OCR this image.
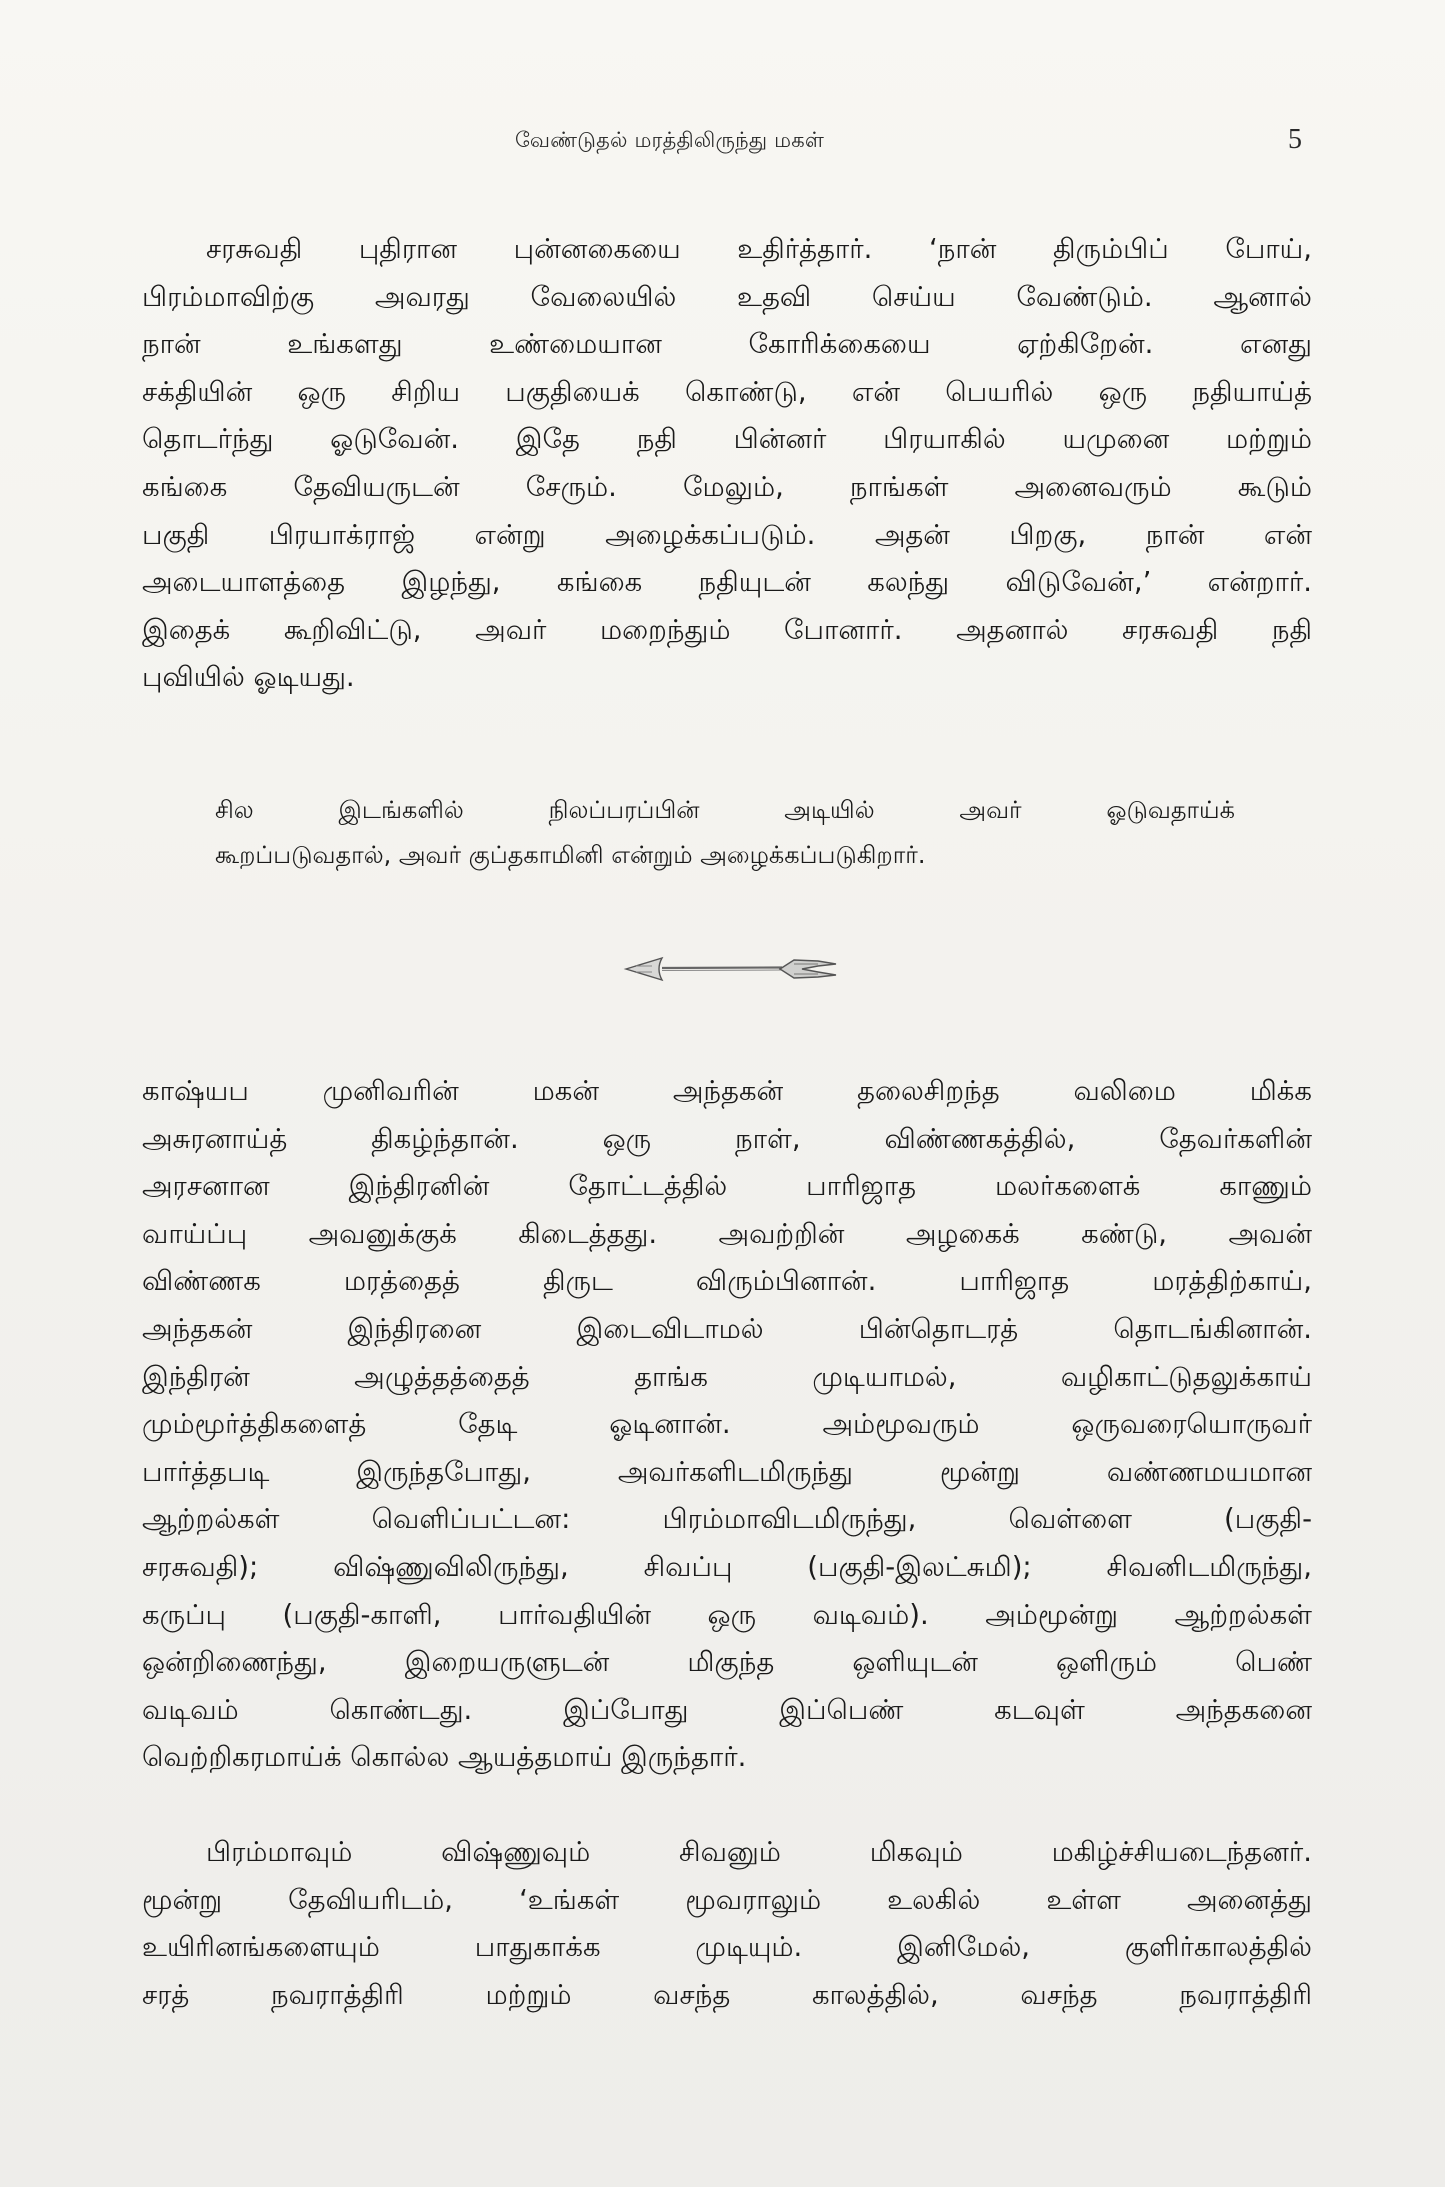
வேண்டுதல் மரத்திலிருந்து மகள்	5
சரசுவதி புதிரான புன்னகையை உதிர்த்தார். ‘நான் திரும்பிப் போய்,
பிரம்மாவிற்கு அவரது வேலையில் உதவி செய்ய வேண்டும். ஆனால்
நான் உங்களது உண்மையான கோரிக்கையை ஏற்கிறேன். எனது
சக்தியின் ஒரு சிறிய பகுதியைக் கொண்டு, என் பெயரில் ஒரு நதியாய்த்
தொடர்ந்து ஓடுவேன். இதே நதி பின்னர் பிரயாகில் யமுனை மற்றும்
கங்கை தேவியருடன் சேரும். மேலும், நாங்கள் அனைவரும் கூடும்
பகுதி பிரயாக்ராஜ் என்று அழைக்கப்படும். அதன் பிறகு, நான் என்
அடையாளத்தை இழந்து, கங்கை நதியுடன் கலந்து விடுவேன்,’ என்றார்.
இதைக் கூறிவிட்டு, அவர் மறைந்தும் போனார். அதனால் சரசுவதி நதி
புவியில் ஓடியது.
சில இடங்களில் நிலப்பரப்பின் அடியில் அவர் ஓடுவதாய்க்
கூறப்படுவதால், அவர் குப்தகாமினி என்றும் அழைக்கப்படுகிறார்.
காஷ்யப முனிவரின் மகன் அந்தகன் தலைசிறந்த வலிமை மிக்க
அசுரனாய்த் திகழ்ந்தான். ஒரு நாள், விண்ணகத்தில், தேவர்களின்
அரசனான இந்திரனின் தோட்டத்தில் பாரிஜாத மலர்களைக் காணும்
வாய்ப்பு அவனுக்குக் கிடைத்தது. அவற்றின் அழகைக் கண்டு, அவன்
விண்ணக மரத்தைத் திருட விரும்பினான். பாரிஜாத மரத்திற்காய்,
அந்தகன் இந்திரனை இடைவிடாமல் பின்தொடரத் தொடங்கினான்.
இந்திரன் அழுத்தத்தைத் தாங்க முடியாமல், வழிகாட்டுதலுக்காய்
மும்மூர்த்திகளைத் தேடி ஓடினான். அம்மூவரும் ஒருவரையொருவர்
பார்த்தபடி இருந்தபோது, அவர்களிடமிருந்து மூன்று வண்ணமயமான
ஆற்றல்கள் வெளிப்பட்டன: பிரம்மாவிடமிருந்து, வெள்ளை (பகுதி-
சரசுவதி); விஷ்ணுவிலிருந்து, சிவப்பு (பகுதி-இலட்சுமி); சிவனிடமிருந்து,
கருப்பு (பகுதி-காளி, பார்வதியின் ஒரு வடிவம்). அம்மூன்று ஆற்றல்கள்
ஒன்றிணைந்து, இறையருளுடன் மிகுந்த ஒளியுடன் ஒளிரும் பெண்
வடிவம் கொண்டது. இப்போது இப்பெண் கடவுள் அந்தகனை
வெற்றிகரமாய்க் கொல்ல ஆயத்தமாய் இருந்தார்.
பிரம்மாவும் விஷ்ணுவும் சிவனும் மிகவும் மகிழ்ச்சியடைந்தனர்.
மூன்று தேவியரிடம், ‘உங்கள் மூவராலும் உலகில் உள்ள அனைத்து
உயிரினங்களையும் பாதுகாக்க முடியும். இனிமேல், குளிர்காலத்தில்
சரத் நவராத்திரி மற்றும் வசந்த காலத்தில், வசந்த நவராத்திரி
